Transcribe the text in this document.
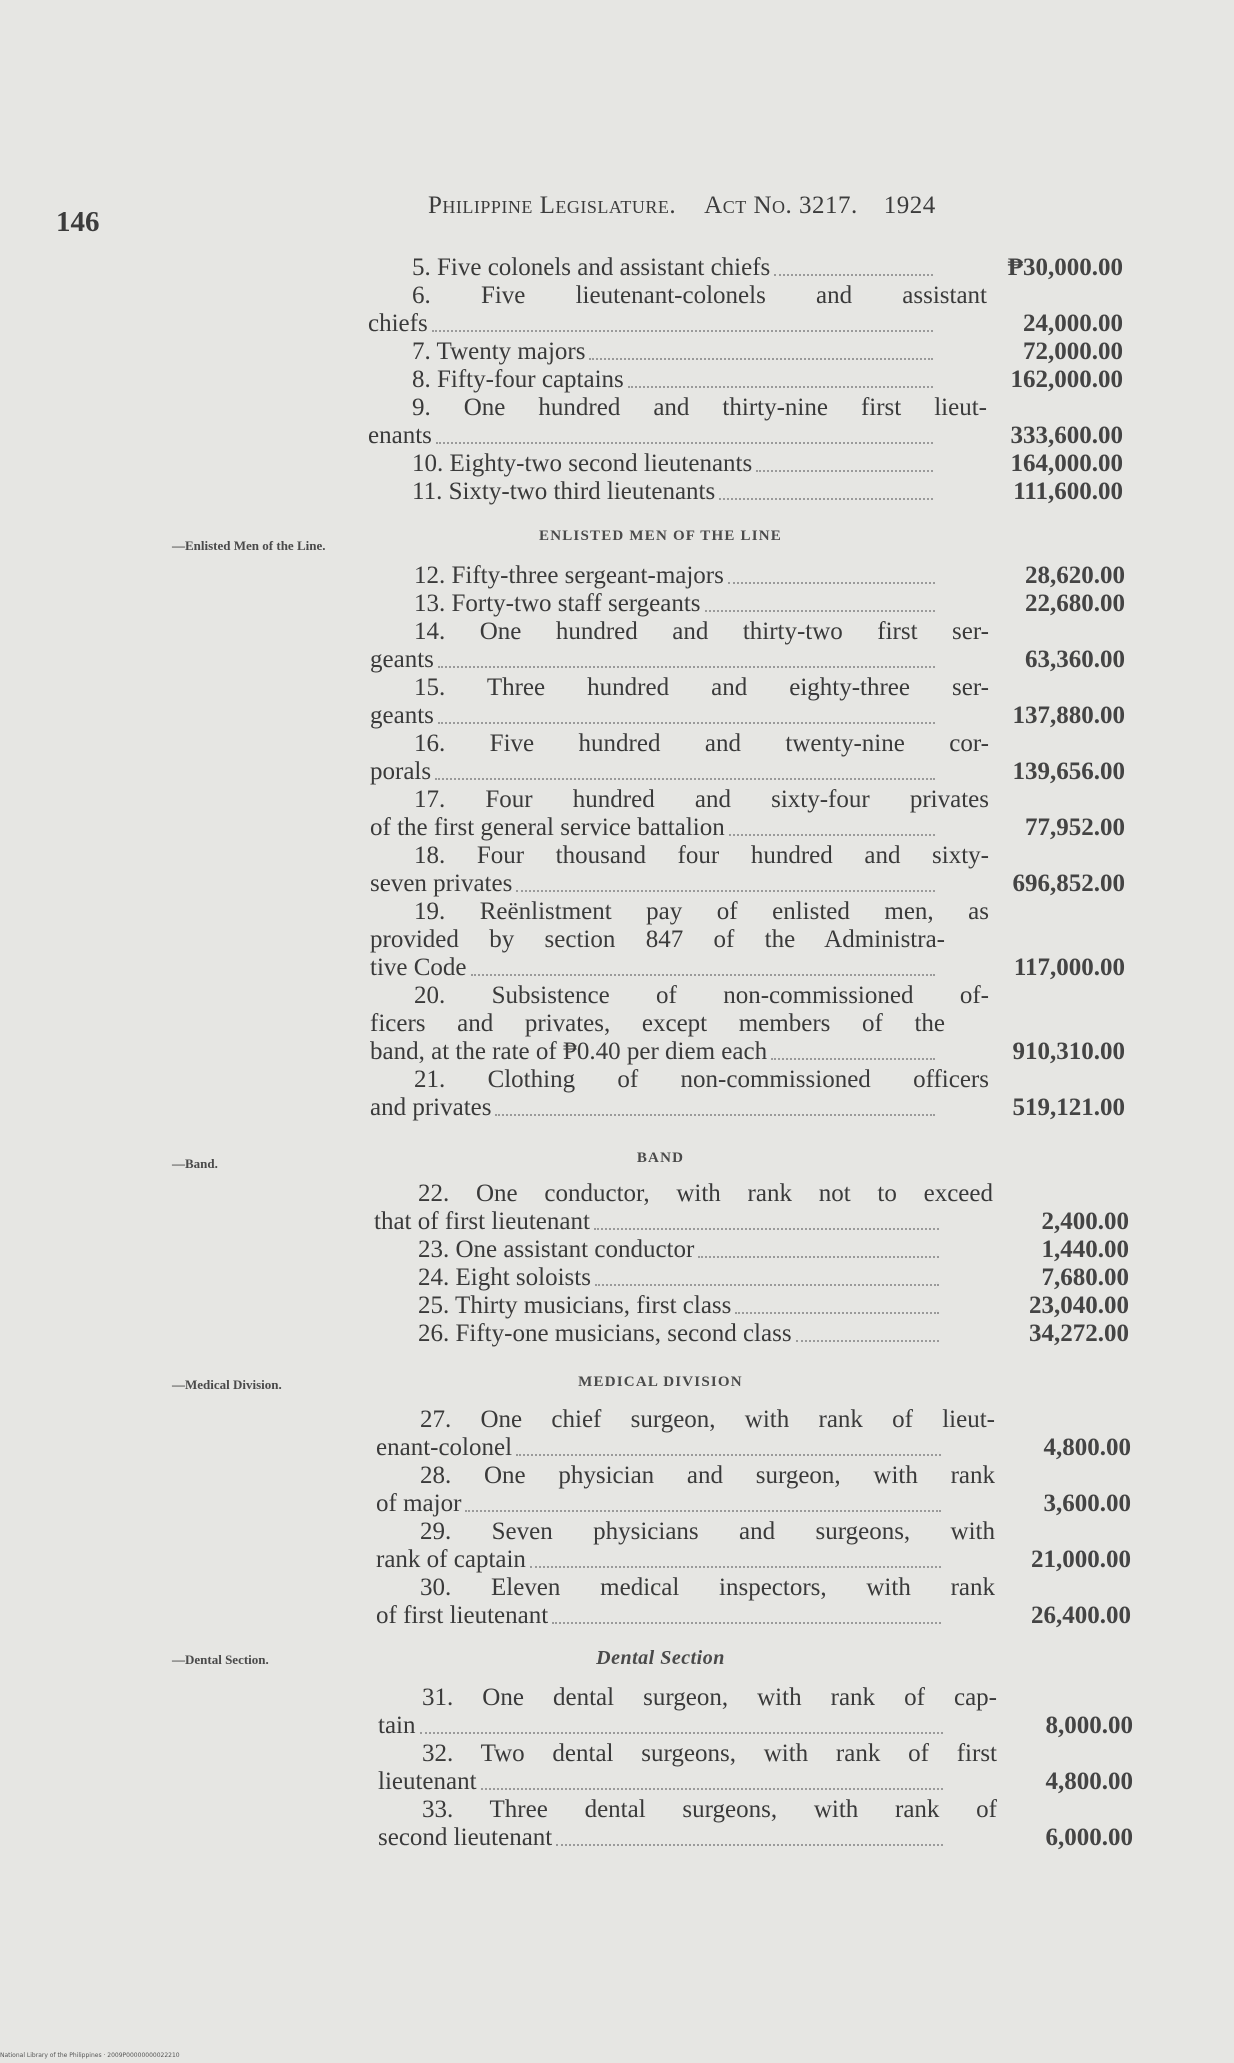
146
Philippine Legislature. Act No. 3217. 1924
5. Five colonels and assistant chiefs	₱30,000.00
6. Five lieutenant-colonels and assistant
chiefs	24,000.00
7. Twenty majors	72,000.00
8. Fifty-four captains	162,000.00
9. One hundred and thirty-nine first lieut-
enants	333,600.00
10. Eighty-two second lieutenants	164,000.00
11. Sixty-two third lieutenants	111,600.00
—Enlisted Men of the Line.
ENLISTED MEN OF THE LINE
12. Fifty-three sergeant-majors	28,620.00
13. Forty-two staff sergeants	22,680.00
14. One hundred and thirty-two first ser-
geants	63,360.00
15. Three hundred and eighty-three ser-
geants	137,880.00
16. Five hundred and twenty-nine cor-
porals	139,656.00
17. Four hundred and sixty-four privates
of the first general service battalion	77,952.00
18. Four thousand four hundred and sixty-
seven privates	696,852.00
19. Reënlistment pay of enlisted men, as
provided by section 847 of the Administra-
tive Code	117,000.00
20. Subsistence of non-commissioned of-
ficers and privates, except members of the
band, at the rate of ₱0.40 per diem each	910,310.00
21. Clothing of non-commissioned officers
and privates	519,121.00
—Band.	BAND
22. One conductor, with rank not to exceed
that of first lieutenant	2,400.00
23. One assistant conductor	1,440.00
24. Eight soloists	7,680.00
25. Thirty musicians, first class	23,040.00
26. Fifty-one musicians, second class	34,272.00
—Medical Division.	MEDICAL DIVISION
27. One chief surgeon, with rank of lieut-
enant-colonel	4,800.00
28. One physician and surgeon, with rank
of major	3,600.00
29. Seven physicians and surgeons, with
rank of captain	21,000.00
30. Eleven medical inspectors, with rank
of first lieutenant	26,400.00
—Dental Section.	Dental Section
31. One dental surgeon, with rank of cap-
tain	8,000.00
32. Two dental surgeons, with rank of first
lieutenant	4,800.00
33. Three dental surgeons, with rank of
second lieutenant	6,000.00
National Library of the Philippines · 2009P00000000022210
